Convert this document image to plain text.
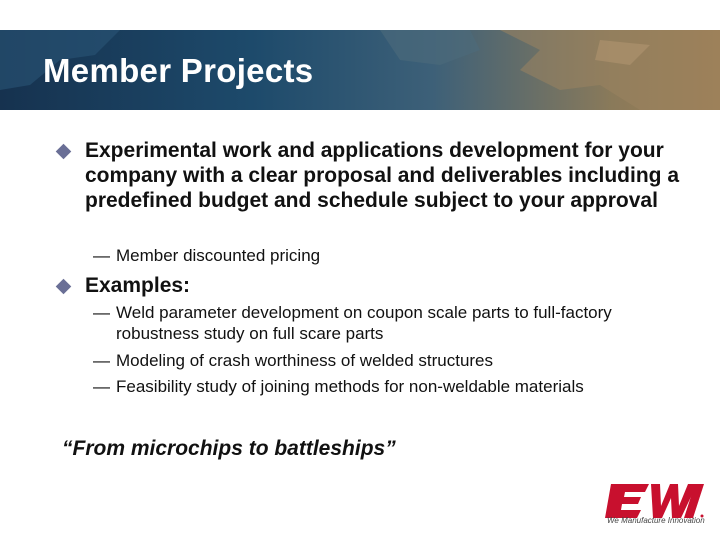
Member Projects
Experimental work and applications development for your company with a clear proposal and deliverables including a predefined budget and schedule subject to your approval
— Member discounted pricing
Examples:
— Weld parameter development on coupon scale parts to full-factory robustness study on full scare parts
— Modeling of crash worthiness of welded structures
— Feasibility study of joining methods for non-weldable materials
“From microchips to battleships”
We Manufacture Innovation
